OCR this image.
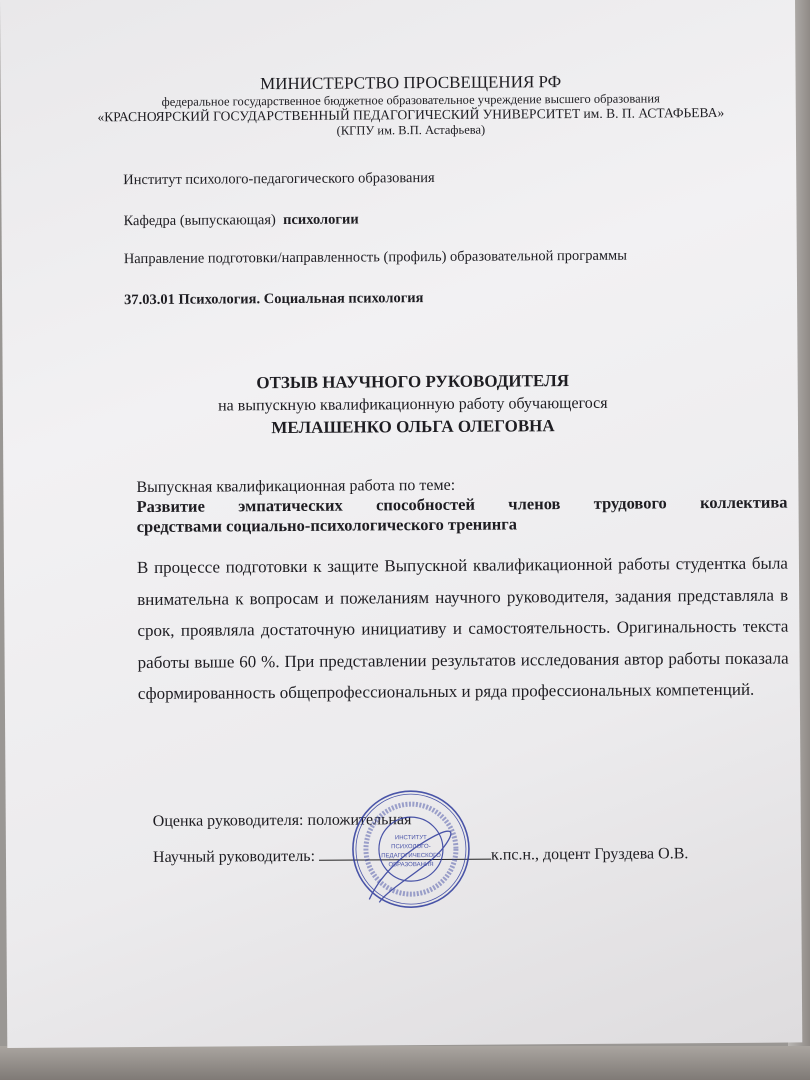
МИНИСТЕРСТВО ПРОСВЕЩЕНИЯ РФ
федеральное государственное бюджетное образовательное учреждение высшего образования
«КРАСНОЯРСКИЙ ГОСУДАРСТВЕННЫЙ ПЕДАГОГИЧЕСКИЙ УНИВЕРСИТЕТ им. В. П. АСТАФЬЕВА»
(КГПУ им. В.П. Астафьева)
Институт психолого-педагогического образования
Кафедра (выпускающая) психологии
Направление подготовки/направленность (профиль) образовательной программы
37.03.01 Психология. Социальная психология
ОТЗЫВ НАУЧНОГО РУКОВОДИТЕЛЯ
на выпускную квалификационную работу обучающегося
МЕЛАШЕНКО ОЛЬГА ОЛЕГОВНА
Выпускная квалификационная работа по теме:
Развитие эмпатических способностей членов трудового коллектива
средствами социально-психологического тренинга
В процессе подготовки к защите Выпускной квалификационной работы студентка была внимательна к вопросам и пожеланиям научного руководителя, задания представляла в срок, проявляла достаточную инициативу и самостоятельность. Оригинальность текста работы выше 60 %. При представлении результатов исследования автор работы показала сформированность общепрофессиональных и ряда профессиональных компетенций.
Оценка руководителя: положительная
Научный руководитель:	к.пс.н., доцент Груздева О.В.
ИНСТИТУТ
ПСИХОЛОГО-
ПЕДАГОГИЧЕСКОГО
ОБРАЗОВАНИЯ
